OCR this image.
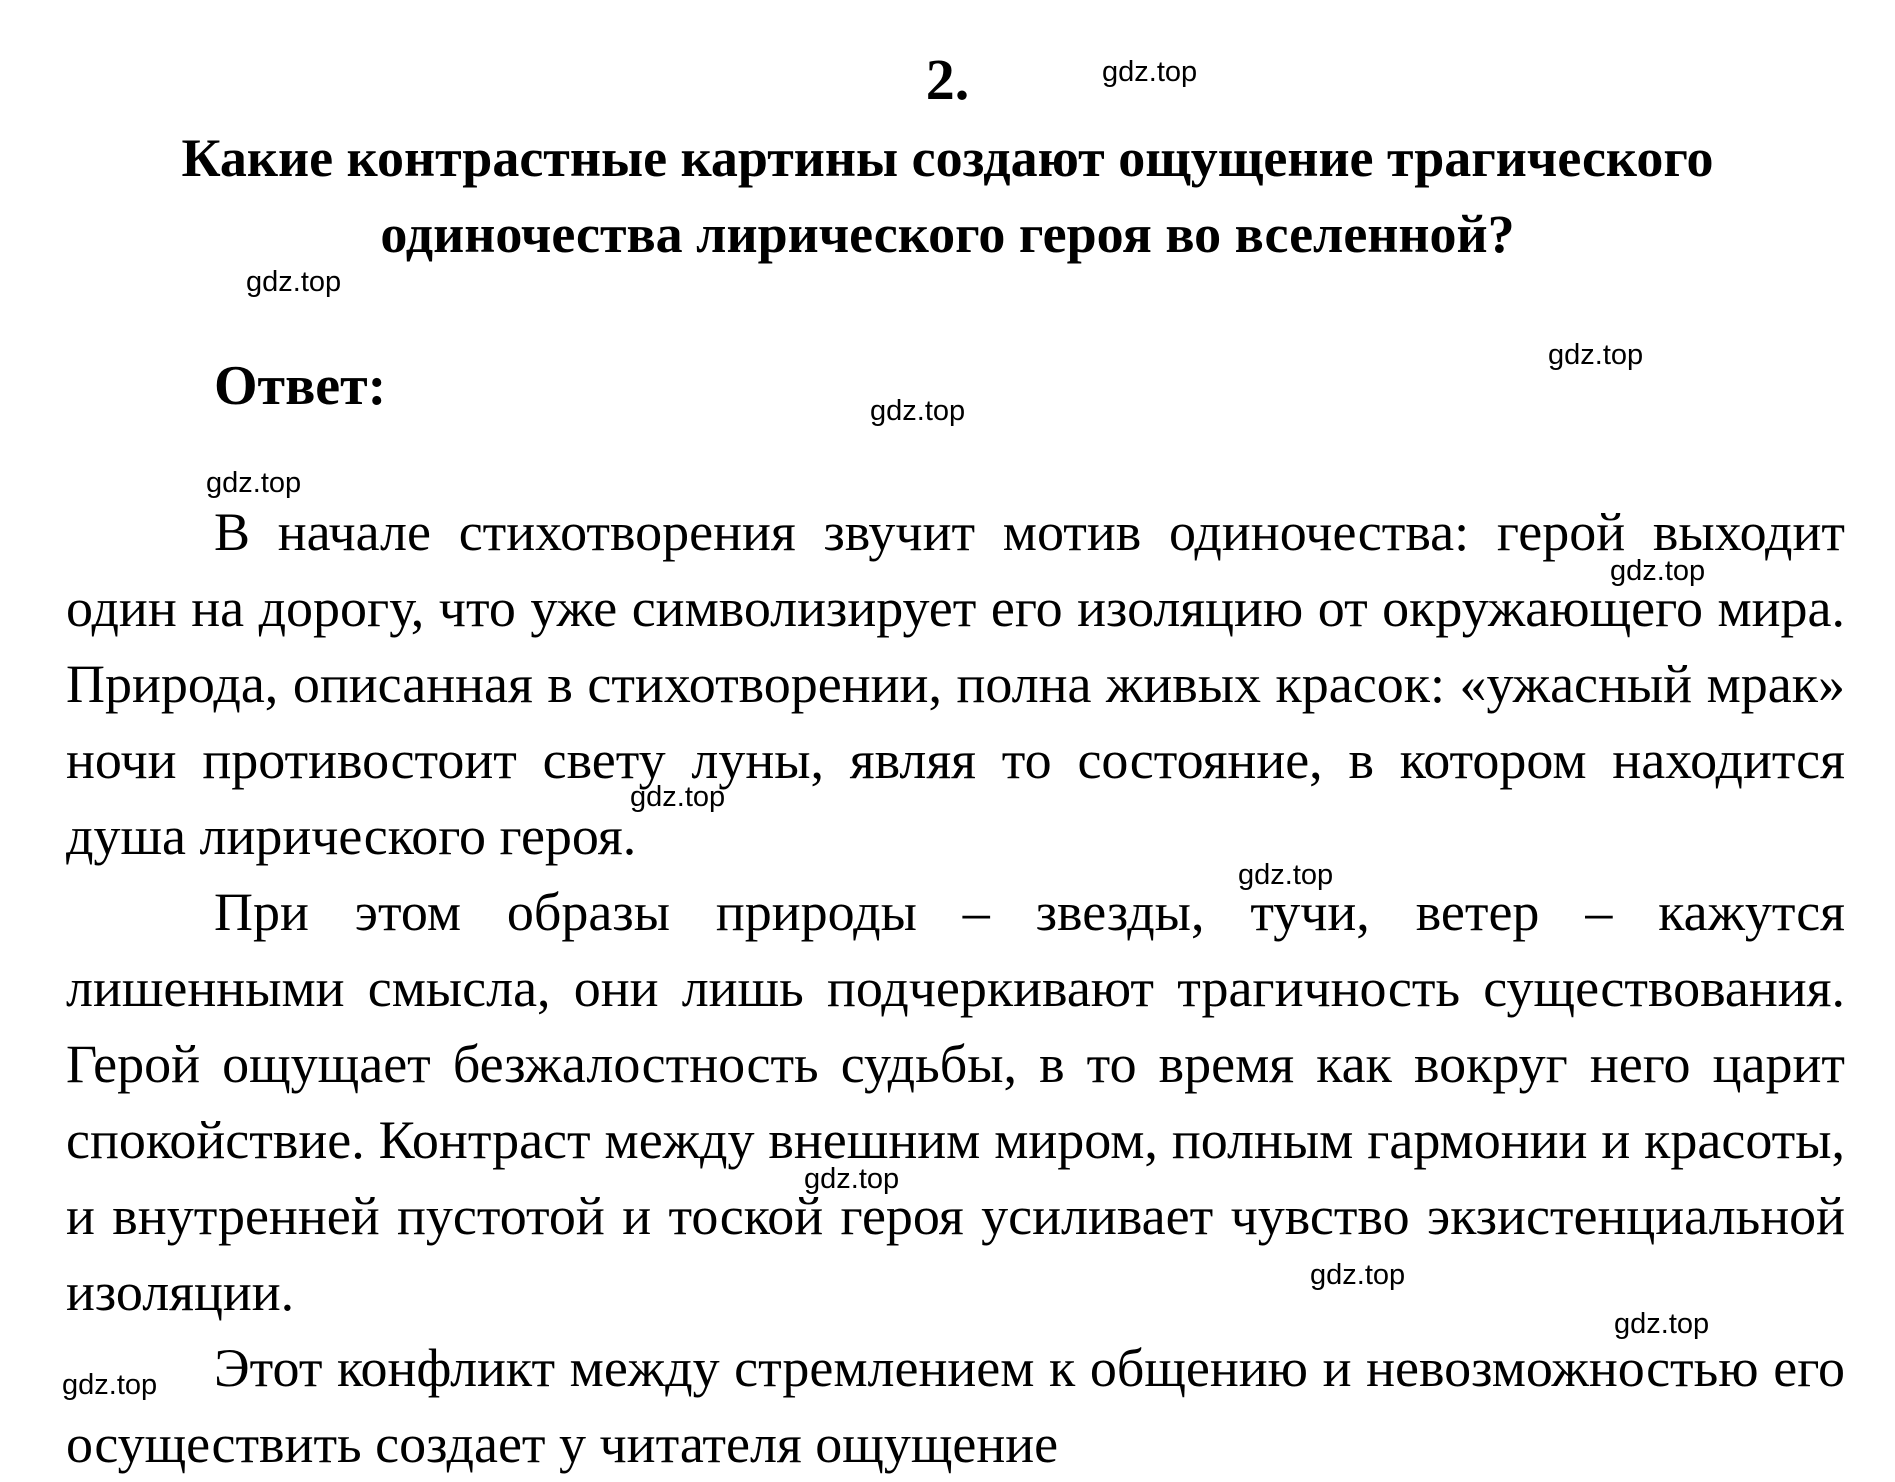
2.
Какие контрастные картины создают ощущение трагического одиночества лирического героя во вселенной?
Ответ:

В начале стихотворения звучит мотив одиночества: герой выходит один на дорогу, что уже символизирует его изоляцию от окружающего мира. Природа, описанная в стихотворении, полна живых красок: «ужасный мрак» ночи противостоит свету луны, являя то состояние, в котором находится душа лирического героя.

При этом образы природы – звезды, тучи, ветер – кажутся лишенными смысла, они лишь подчеркивают трагичность существования. Герой ощущает безжалостность судьбы, в то время как вокруг него царит спокойствие. Контраст между внешним миром, полным гармонии и красоты, и внутренней пустотой и тоской героя усиливает чувство экзистенциальной изоляции.

Этот конфликт между стремлением к общению и невозможностью его осуществить создает у читателя ощущение

gdz.top
gdz.top
gdz.top
gdz.top
gdz.top
gdz.top
gdz.top
gdz.top
gdz.top
gdz.top
gdz.top
gdz.top
